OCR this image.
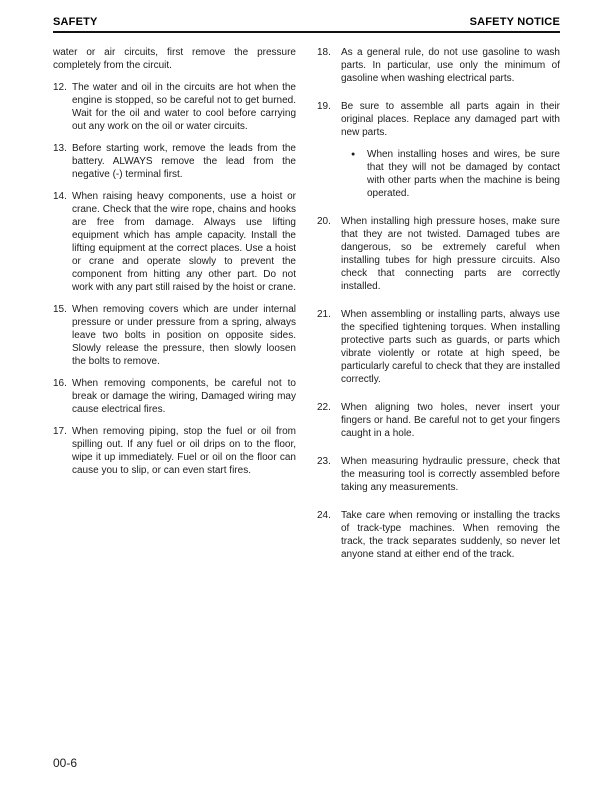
SAFETY	SAFETY NOTICE

water or air circuits, first remove the pressure completely from the circuit.

12. The water and oil in the circuits are hot when the engine is stopped, so be careful not to get burned. Wait for the oil and water to cool before carrying out any work on the oil or water circuits.
13. Before starting work, remove the leads from the battery. ALWAYS remove the lead from the negative (-) terminal first.
14. When raising heavy components, use a hoist or crane. Check that the wire rope, chains and hooks are free from damage. Always use lifting equipment which has ample capacity. Install the lifting equipment at the correct places. Use a hoist or crane and operate slowly to prevent the component from hitting any other part. Do not work with any part still raised by the hoist or crane.
15. When removing covers which are under internal pressure or under pressure from a spring, always leave two bolts in position on opposite sides. Slowly release the pressure, then slowly loosen the bolts to remove.
16. When removing components, be careful not to break or damage the wiring, Damaged wiring may cause electrical fires.
17. When removing piping, stop the fuel or oil from spilling out. If any fuel or oil drips on to the floor, wipe it up immediately. Fuel or oil on the floor can cause you to slip, or can even start fires.
18.	As a general rule, do not use gasoline to wash parts. In particular, use only the minimum of gasoline when washing electrical parts.
19.	Be sure to assemble all parts again in their original places. Replace any damaged part with new parts.
●	When installing hoses and wires, be sure that they will not be damaged by contact with other parts when the machine is being operated.
20.	When installing high pressure hoses, make sure that they are not twisted. Damaged tubes are dangerous, so be extremely careful when installing tubes for high pressure circuits. Also check that connecting parts are correctly installed.
21.	When assembling or installing parts, always use the specified tightening torques. When installing protective parts such as guards, or parts which vibrate violently or rotate at high speed, be particularly careful to check that they are installed correctly.
22.	When aligning two holes, never insert your fingers or hand. Be careful not to get your fingers caught in a hole.
23.	When measuring hydraulic pressure, check that the measuring tool is correctly assembled before taking any measurements.
24.	Take care when removing or installing the tracks of track-type machines. When removing the track, the track separates suddenly, so never let anyone stand at either end of the track.
00-6
